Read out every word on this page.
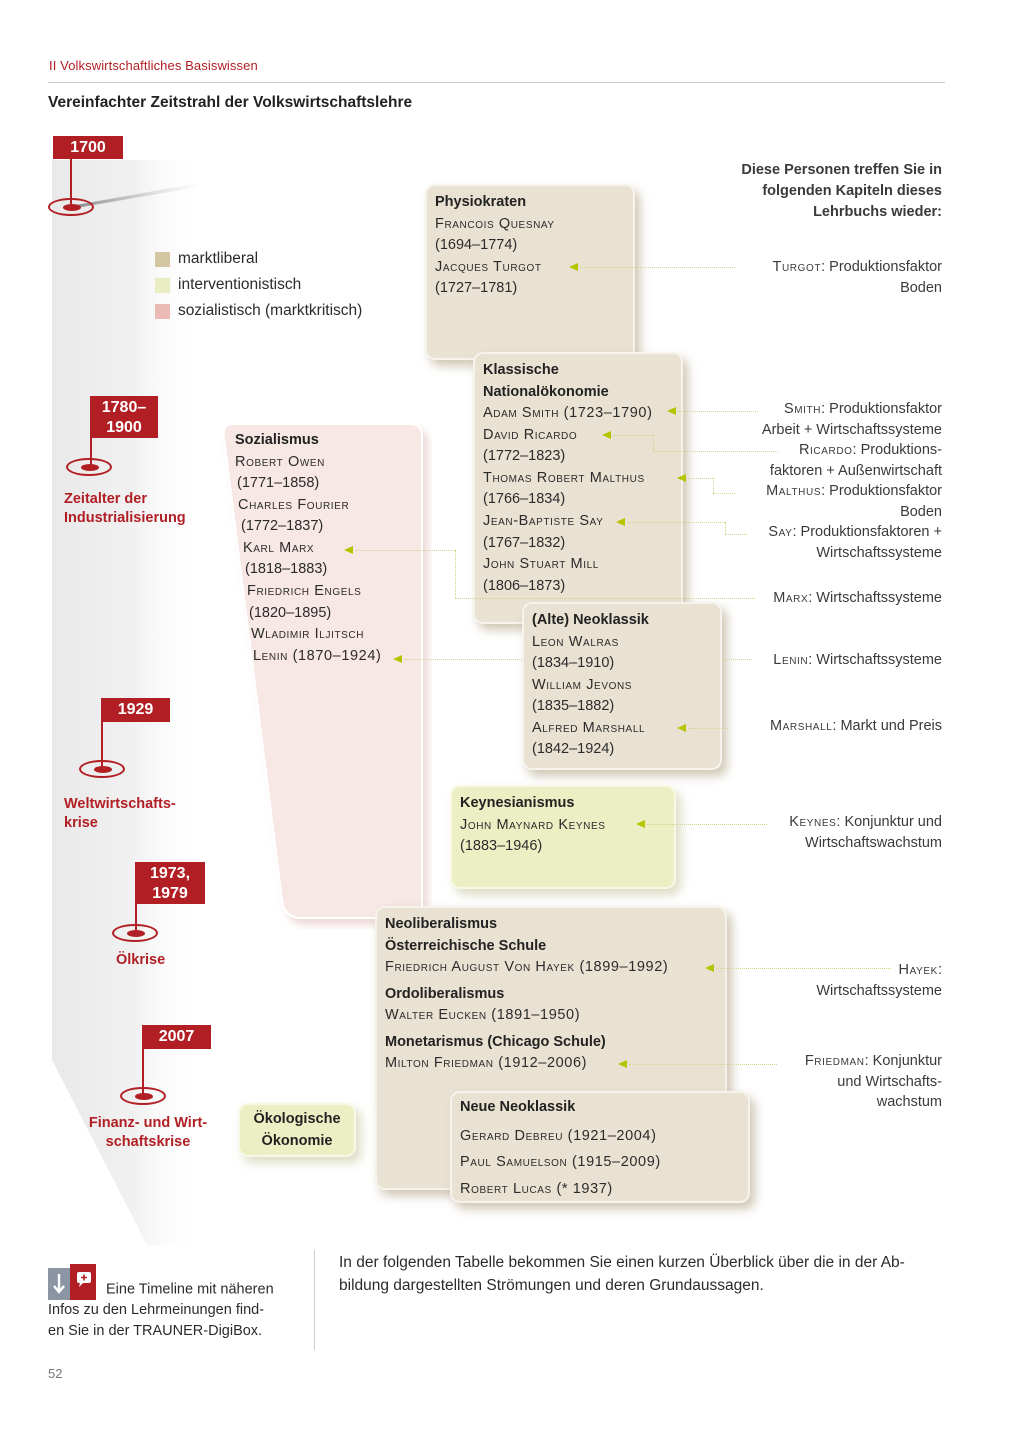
II Volkswirtschaftliches Basiswissen
Vereinfachter Zeitstrahl der Volkswirtschaftslehre
1700
1780–
1900
Zeitalter der
Industrialisierung
1929
Weltwirtschafts-
krise
1973,
1979
Ölkrise
2007
Finanz- und Wirt-
schaftskrise
marktliberal
interventionistisch
sozialistisch (marktkritisch)
Sozialismus
Robert Owen
(1771–1858)
Charles Fourier
(1772–1837)
Karl Marx
(1818–1883)
Friedrich Engels
(1820–1895)
Wladimir Iljitsch
Lenin (1870–1924)
Physiokraten
Francois Quesnay
(1694–1774)
Jacques Turgot
(1727–1781)
Klassische
Nationalökonomie
Adam Smith (1723–1790)
David Ricardo
(1772–1823)
Thomas Robert Malthus
(1766–1834)
Jean-Baptiste Say
(1767–1832)
John Stuart Mill
(1806–1873)
(Alte) Neoklassik
Leon Walras
(1834–1910)
William Jevons
(1835–1882)
Alfred Marshall
(1842–1924)
Keynesianismus
John Maynard Keynes
(1883–1946)
Neoliberalismus
Österreichische Schule
Friedrich August Von Hayek (1899–1992)
Ordoliberalismus
Walter Eucken (1891–1950)
Monetarismus (Chicago Schule)
Milton Friedman (1912–2006)
Neue Neoklassik
Gerard Debreu (1921–2004)
Paul Samuelson (1915–2009)
Robert Lucas (* 1937)
Ökologische
Ökonomie
Diese Personen treffen Sie in
folgenden Kapiteln dieses
Lehrbuchs wieder:
Turgot: Produktionsfaktor
Boden
Smith: Produktionsfaktor
Arbeit + Wirtschaftssysteme
Ricardo: Produktions-
faktoren + Außenwirtschaft
Malthus: Produktionsfaktor
Boden
Say: Produktionsfaktoren +
Wirtschaftssysteme
Marx: Wirtschaftssysteme
Lenin: Wirtschaftssysteme
Marshall: Markt und Preis
Keynes: Konjunktur und
Wirtschaftswachstum
Hayek:
Wirtschaftssysteme
Friedman: Konjunktur
und Wirtschafts-
wachstum
Eine Timeline mit näheren
Infos zu den Lehrmeinungen find-
en Sie in der TRAUNER-DigiBox.
In der folgenden Tabelle bekommen Sie einen kurzen Überblick über die in der Ab-
bildung dargestellten Strömungen und deren Grundaussagen.
52
